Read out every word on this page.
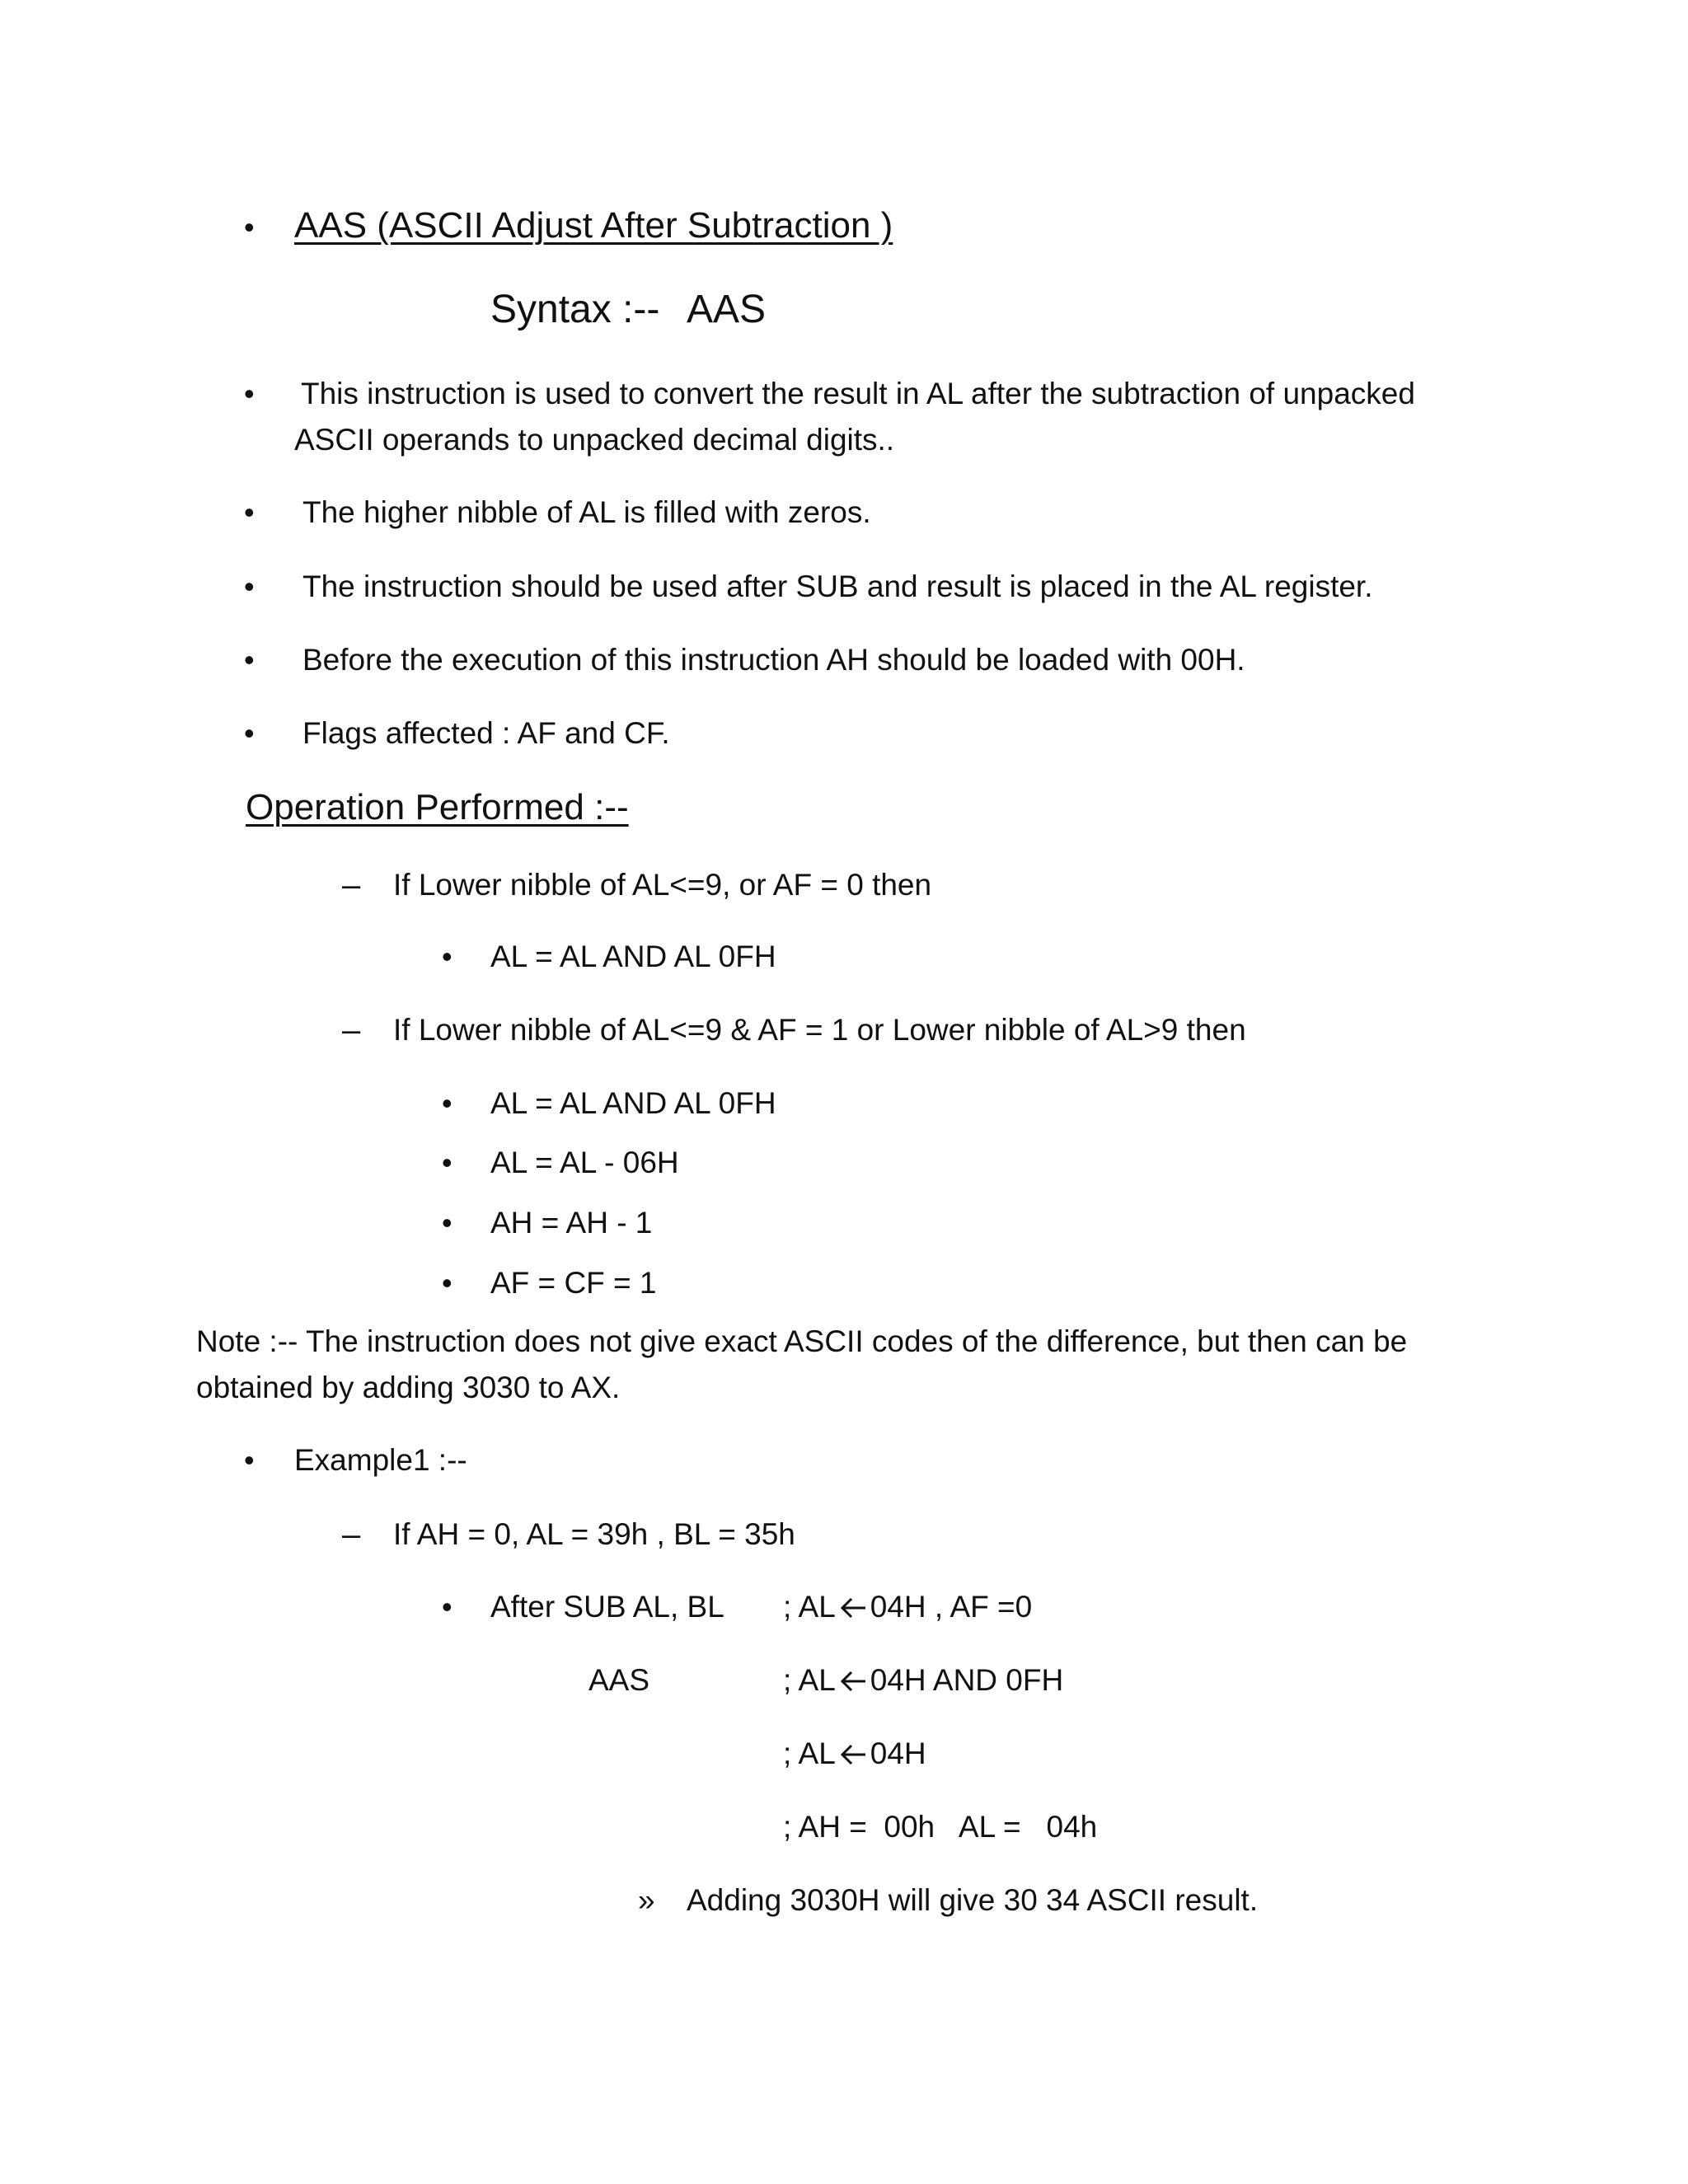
• AAS (ASCII Adjust After Subtraction )
Syntax :-- AAS
• This instruction is used to convert the result in AL after the subtraction of unpacked
ASCII operands to unpacked decimal digits..
• The higher nibble of AL is filled with zeros.
• The instruction should be used after SUB and result is placed in the AL register.
• Before the execution of this instruction AH should be loaded with 00H.
• Flags affected : AF and CF.
Operation Performed :--
– If Lower nibble of AL<=9, or AF = 0 then
• AL = AL AND AL 0FH
– If Lower nibble of AL<=9 & AF = 1 or Lower nibble of AL>9 then
• AL = AL AND AL 0FH
• AL = AL - 06H
• AH = AH - 1
• AF = CF = 1
Note :-- The instruction does not give exact ASCII codes of the difference, but then can be
obtained by adding 3030 to AX.
• Example1 :--
– If AH = 0, AL = 39h , BL = 35h
• After SUB AL, BL ; AL 04H , AF =0
AAS	; AL 04H AND 0FH
; AL 04H
; AH =  00h   AL =   04h
» Adding 3030H will give 30 34 ASCII result.
